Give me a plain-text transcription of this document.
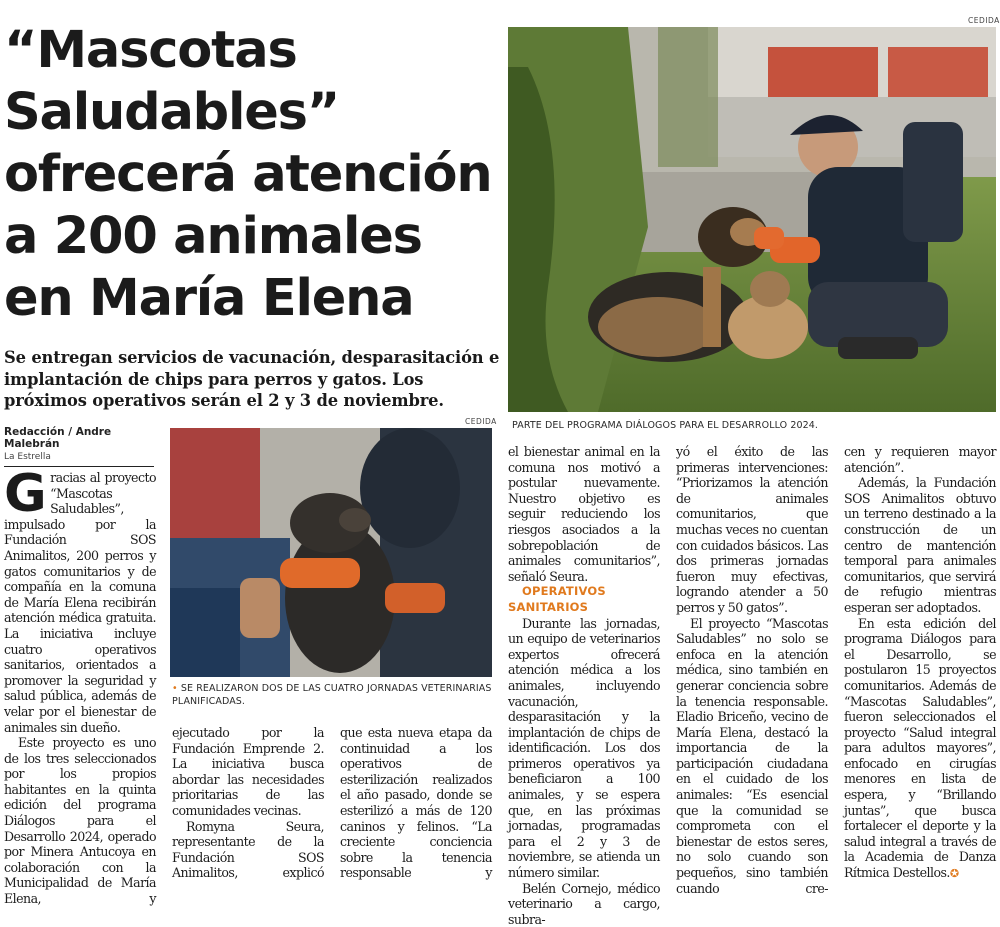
“Mascotas Saludables” ofrecerá atención a 200 animales en María Elena

Se entregan servicios de vacunación, desparasitación e implantación de chips para perros y gatos. Los próximos operativos serán el 2 y 3 de noviembre.

CEDIDA
PARTE DEL PROGRAMA DIÁLOGOS PARA EL DESARROLLO 2024.
Redacción / Andre Malebrán
La Estrella
CEDIDA
• SE REALIZARON DOS DE LAS CUATRO JORNADAS VETERINARIAS PLANIFICADAS.
G racias al proyecto “Mascotas Saludables”, impulsado por la Fundación SOS Animalitos, 200 perros y gatos comunitarios y de compañía en la comuna de María Elena recibirán atención médica gratuita. La iniciativa incluye cuatro operativos sanitarios, orientados a promover la seguridad y salud pública, además de velar por el bienestar de animales sin dueño.

Este proyecto es uno de los tres seleccionados por los propios habitantes en la quinta edición del programa Diálogos para el Desarrollo 2024, operado por Minera Antucoya en colaboración con la Municipalidad de María Elena, y

ejecutado por la Fundación Emprende 2. La iniciativa busca abordar las necesidades prioritarias de las comunidades vecinas.

Romyna Seura, representante de la Fundación SOS Animalitos, explicó

que esta nueva etapa da continuidad a los operativos de esterilización realizados el año pasado, donde se esterilizó a más de 120 caninos y felinos. “La creciente conciencia sobre la tenencia responsable y

el bienestar animal en la comuna nos motivó a postular nuevamente. Nuestro objetivo es seguir reduciendo los riesgos asociados a la sobrepoblación de animales comunitarios”, señaló Seura.

OPERATIVOS SANITARIOS

Durante las jornadas, un equipo de veterinarios expertos ofrecerá atención médica a los animales, incluyendo vacunación, desparasitación y la implantación de chips de identificación. Los dos primeros operativos ya beneficiaron a 100 animales, y se espera que, en las próximas jornadas, programadas para el 2 y 3 de noviembre, se atienda un número similar.

Belén Cornejo, médico veterinario a cargo, subra-

yó el éxito de las primeras intervenciones: “Priorizamos la atención de animales comunitarios, que muchas veces no cuentan con cuidados básicos. Las dos primeras jornadas fueron muy efectivas, logrando atender a 50 perros y 50 gatos”.

El proyecto “Mascotas Saludables” no solo se enfoca en la atención médica, sino también en generar conciencia sobre la tenencia responsable. Eladio Briceño, vecino de María Elena, destacó la importancia de la participación ciudadana en el cuidado de los animales: “Es esencial que la comunidad se comprometa con el bienestar de estos seres, no solo cuando son pequeños, sino también cuando cre-

cen y requieren mayor atención”.

Además, la Fundación SOS Animalitos obtuvo un terreno destinado a la construcción de un centro de mantención temporal para animales comunitarios, que servirá de refugio mientras esperan ser adoptados.

En esta edición del programa Diálogos para el Desarrollo, se postularon 15 proyectos comunitarios. Además de “Mascotas Saludables”, fueron seleccionados el proyecto “Salud integral para adultos mayores”, enfocado en cirugías menores en lista de espera, y “Brillando juntas”, que busca fortalecer el deporte y la salud integral a través de la Academia de Danza Rítmica Destellos.✪
